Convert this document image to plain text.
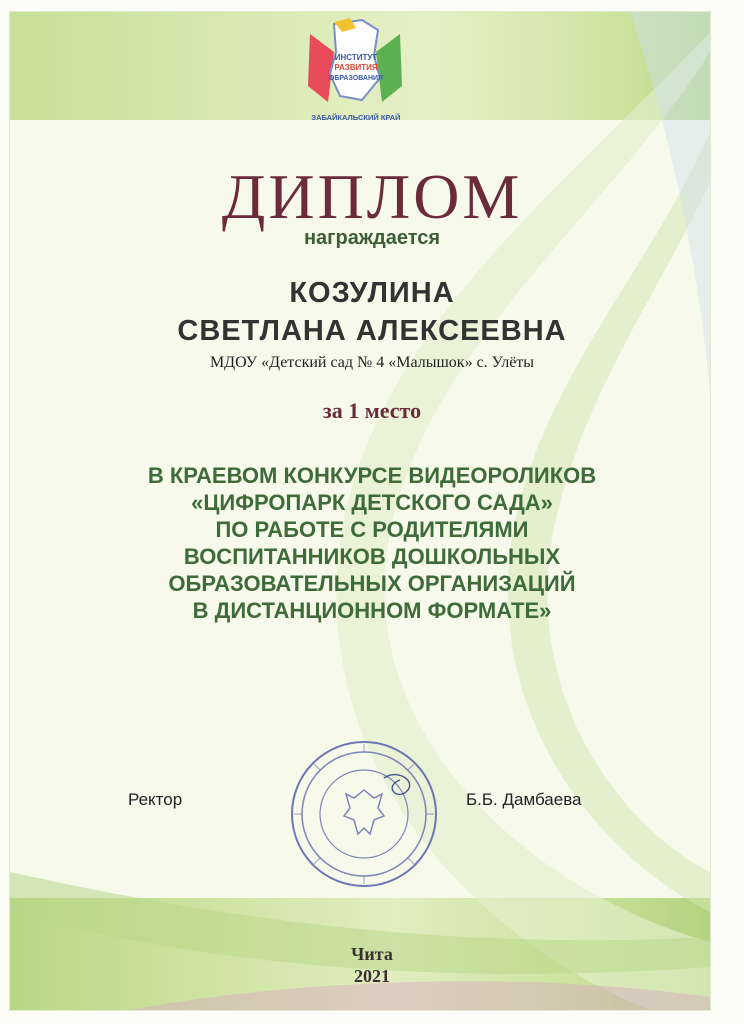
ИНСТИТУТ
РАЗВИТИЯ
ОБРАЗОВАНИЯ
ЗАБАЙКАЛЬСКИЙ КРАЙ
ДИПЛОМ
награждается
КОЗУЛИНА
СВЕТЛАНА АЛЕКСЕЕВНА
МДОУ «Детский сад № 4 «Малышок» с. Улёты
за 1 место
В КРАЕВОМ КОНКУРСЕ ВИДЕОРОЛИКОВ
«ЦИФРОПАРК ДЕТСКОГО САДА»
ПО РАБОТЕ С РОДИТЕЛЯМИ
ВОСПИТАННИКОВ ДОШКОЛЬНЫХ
ОБРАЗОВАТЕЛЬНЫХ ОРГАНИЗАЦИЙ
В ДИСТАНЦИОННОМ ФОРМАТЕ»
Ректор	Б.Б. Дамбаева
Чита
2021
